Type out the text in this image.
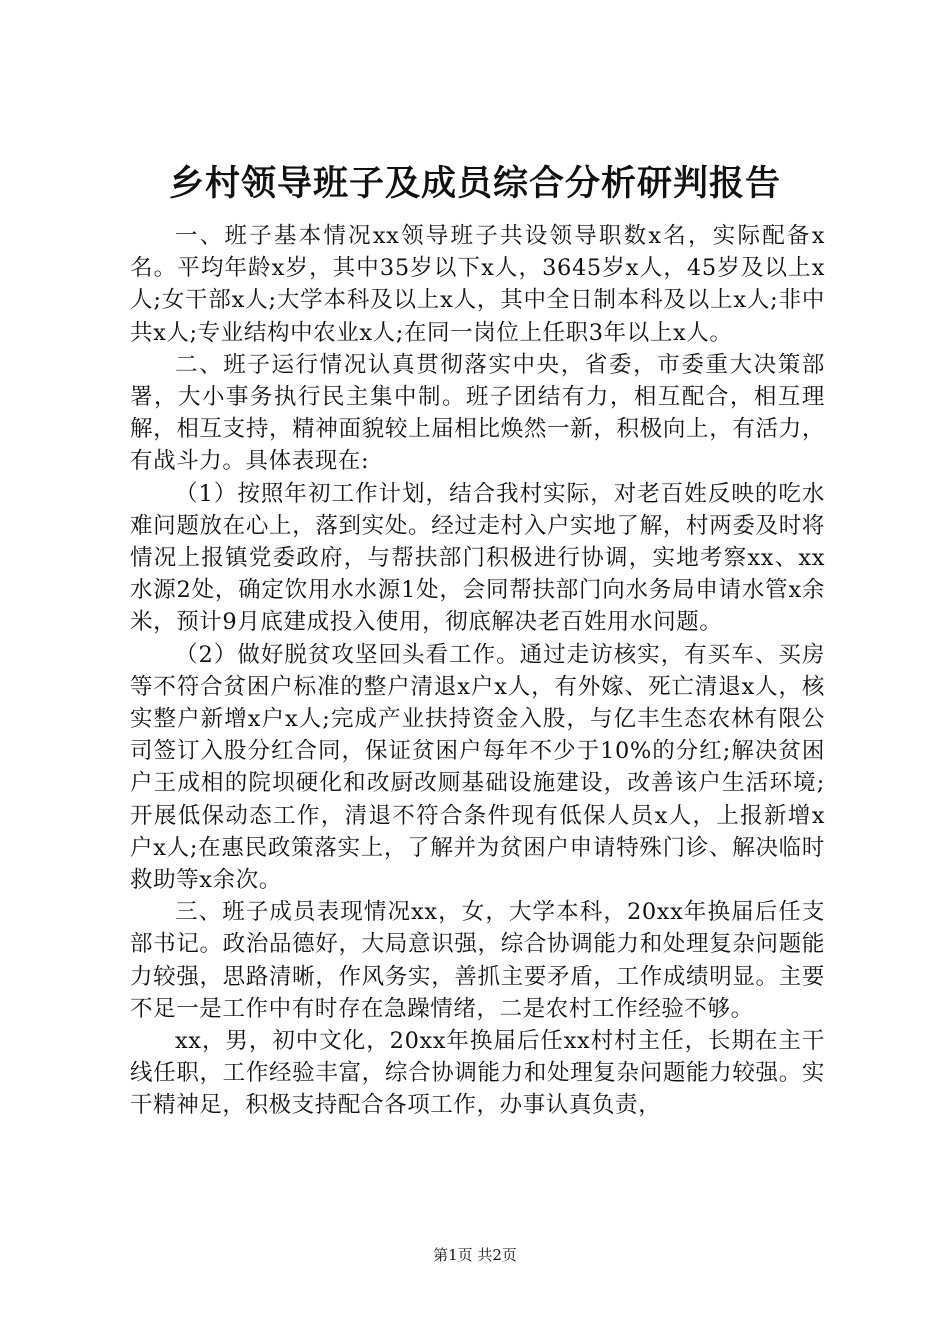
乡村领导班子及成员综合分析研判报告

一、班子基本情况xx领导班子共设领导职数x名，实际配备x名。平均年龄x岁，其中35岁以下x人，3645岁x人，45岁及以上x人;女干部x人;大学本科及以上x人，其中全日制本科及以上x人;非中共x人;专业结构中农业x人;在同一岗位上任职3年以上x人。

二、班子运行情况认真贯彻落实中央，省委，市委重大决策部署，大小事务执行民主集中制。班子团结有力，相互配合，相互理解，相互支持，精神面貌较上届相比焕然一新，积极向上，有活力，有战斗力。具体表现在:

（1）按照年初工作计划，结合我村实际，对老百姓反映的吃水难问题放在心上，落到实处。经过走村入户实地了解，村两委及时将情况上报镇党委政府，与帮扶部门积极进行协调，实地考察xx、xx水源2处，确定饮用水水源1处，会同帮扶部门向水务局申请水管x余米，预计9月底建成投入使用，彻底解决老百姓用水问题。

（2）做好脱贫攻坚回头看工作。通过走访核实，有买车、买房等不符合贫困户标准的整户清退x户x人，有外嫁、死亡清退x人，核实整户新增x户x人;完成产业扶持资金入股，与亿丰生态农林有限公司签订入股分红合同，保证贫困户每年不少于10%的分红;解决贫困户王成相的院坝硬化和改厨改厕基础设施建设，改善该户生活环境;开展低保动态工作，清退不符合条件现有低保人员x人，上报新增x户x人;在惠民政策落实上，了解并为贫困户申请特殊门诊、解决临时救助等x余次。

三、班子成员表现情况xx，女，大学本科，20xx年换届后任支部书记。政治品德好，大局意识强，综合协调能力和处理复杂问题能力较强，思路清晰，作风务实，善抓主要矛盾，工作成绩明显。主要不足一是工作中有时存在急躁情绪，二是农村工作经验不够。

xx，男，初中文化，20xx年换届后任xx村村主任，长期在主干线任职，工作经验丰富，综合协调能力和处理复杂问题能力较强。实干精神足，积极支持配合各项工作，办事认真负责，

第1页 共2页
